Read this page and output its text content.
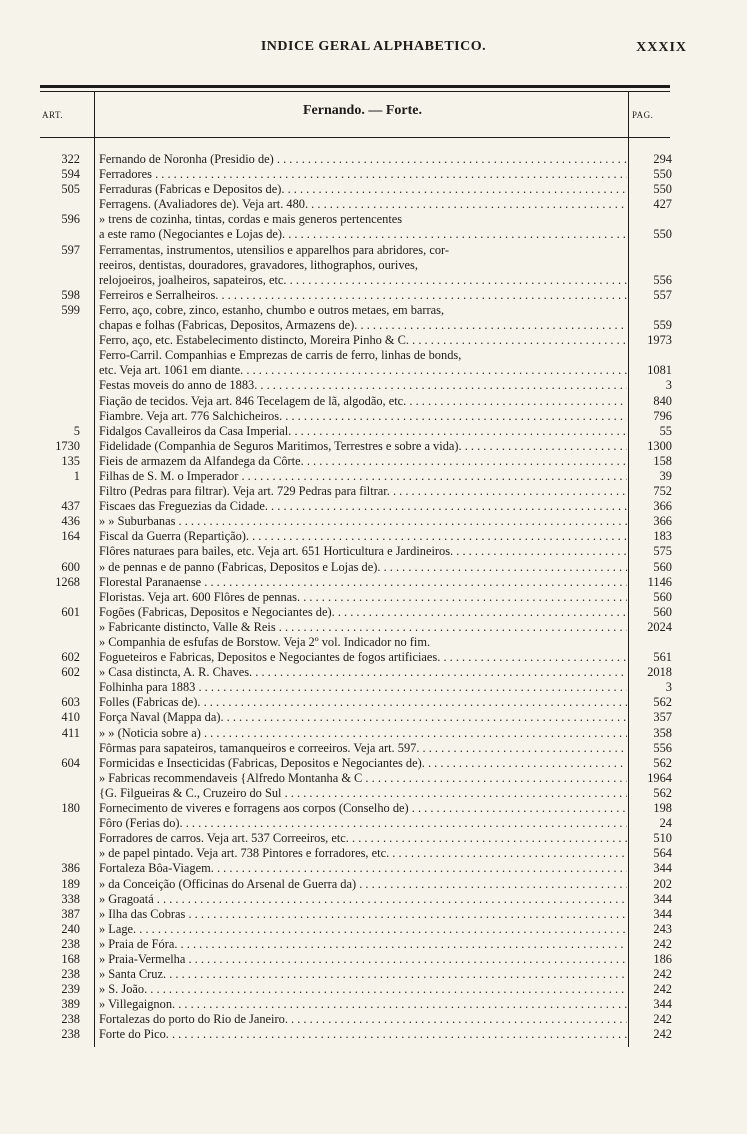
INDICE GERAL ALPHABETICO.	XXXIX
ART.	Fernando. — Forte.	PAG.
322 Fernando de Noronha (Presidio de) . . .	294
594 Ferradores . . .	550
505 Ferraduras (Fabricas e Depositos de). . . .	550
Ferragens. (Avaliadores de). Veja art. 480. . . .	427
596 » trens de cozinha, tintas, cordas e mais generos pertencentes
a este ramo (Negociantes e Lojas de). . . .	550
597 Ferramentas, instrumentos, utensilios e apparelhos para abridores, cor-
reeiros, dentistas, douradores, gravadores, lithographos, ourives,
relojoeiros, joalheiros, sapateiros, etc. . . .	556
598 Ferreiros e Serralheiros. . . .	557
599 Ferro, aço, cobre, zinco, estanho, chumbo e outros metaes, em barras,
chapas e folhas (Fabricas, Depositos, Armazens de). . . .	559
Ferro, aço, etc. Estabelecimento distincto, Moreira Pinho & C. . . .	1973
Ferro-Carril. Companhias e Emprezas de carris de ferro, linhas de bonds,
etc. Veja art. 1061 em diante. . . .	1081
Festas moveis do anno de 1883. . . .	3
Fiação de tecidos. Veja art. 846 Tecelagem de lã, algodão, etc. . . .	840
Fiambre. Veja art. 776 Salchicheiros. . . .	796
5 Fidalgos Cavalleiros da Casa Imperial. . . .	55
1730 Fidelidade (Companhia de Seguros Maritimos, Terrestres e sobre a vida). . . .	1300
135 Fieis de armazem da Alfandega da Côrte. . . .	158
1 Filhas de S. M. o Imperador . . .	39
Filtro (Pedras para filtrar). Veja art. 729 Pedras para filtrar. . . .	752
437 Fiscaes das Freguezias da Cidade. . . .	366
436 » » Suburbanas . . .	366
164 Fiscal da Guerra (Repartição). . . .	183
Flôres naturaes para bailes, etc. Veja art. 651 Horticultura e Jardineiros. . . .	575
600 » de pennas e de panno (Fabricas, Depositos e Lojas de). . . .	560
1268 Florestal Paranaense . . .	1146
Floristas. Veja art. 600 Flôres de pennas. . . .	560
601 Fogões (Fabricas, Depositos e Negociantes de). . . .	560
» Fabricante distincto, Valle & Reis . . .	2024
» Companhia de esfufas de Borstow. Veja 2º vol. Indicador no fim.
602 Fogueteiros e Fabricas, Depositos e Negociantes de fogos artificiaes. . . .	561
602 » Casa distincta, A. R. Chaves. . . .	2018
Folhinha para 1883 . . .	3
603 Folles (Fabricas de). . . .	562
410 Força Naval (Mappa da). . . .	357
411 » » (Noticia sobre a) . . .	358
Fôrmas para sapateiros, tamanqueiros e correeiros. Veja art. 597. . . .	556
604 Formicidas e Insecticidas (Fabricas, Depositos e Negociantes de). . . .	562
» Fabricas recommendaveis {Alfredo Montanha & C . . .	1964
{G. Filgueiras & C., Cruzeiro do Sul . . .	562
180 Fornecimento de viveres e forragens aos corpos (Conselho de) . . .	198
Fôro (Ferias do). . . .	24
Forradores de carros. Veja art. 537 Correeiros, etc. . . .	510
» de papel pintado. Veja art. 738 Pintores e forradores, etc. . . .	564
386 Fortaleza Bôa-Viagem. . . .	344
189 » da Conceição (Officinas do Arsenal de Guerra da) . . .	202
338 » Gragoatá . . .	344
387 » Ilha das Cobras . . .	344
240 » Lage. . . .	243
238 » Praia de Fóra. . . .	242
168 » Praia-Vermelha . . .	186
238 » Santa Cruz. . . .	242
239 » S. João. . . .	242
389 » Villegaignon. . . .	344
238 Fortalezas do porto do Rio de Janeiro. . . .	242
238 Forte do Pico. . . .	242
